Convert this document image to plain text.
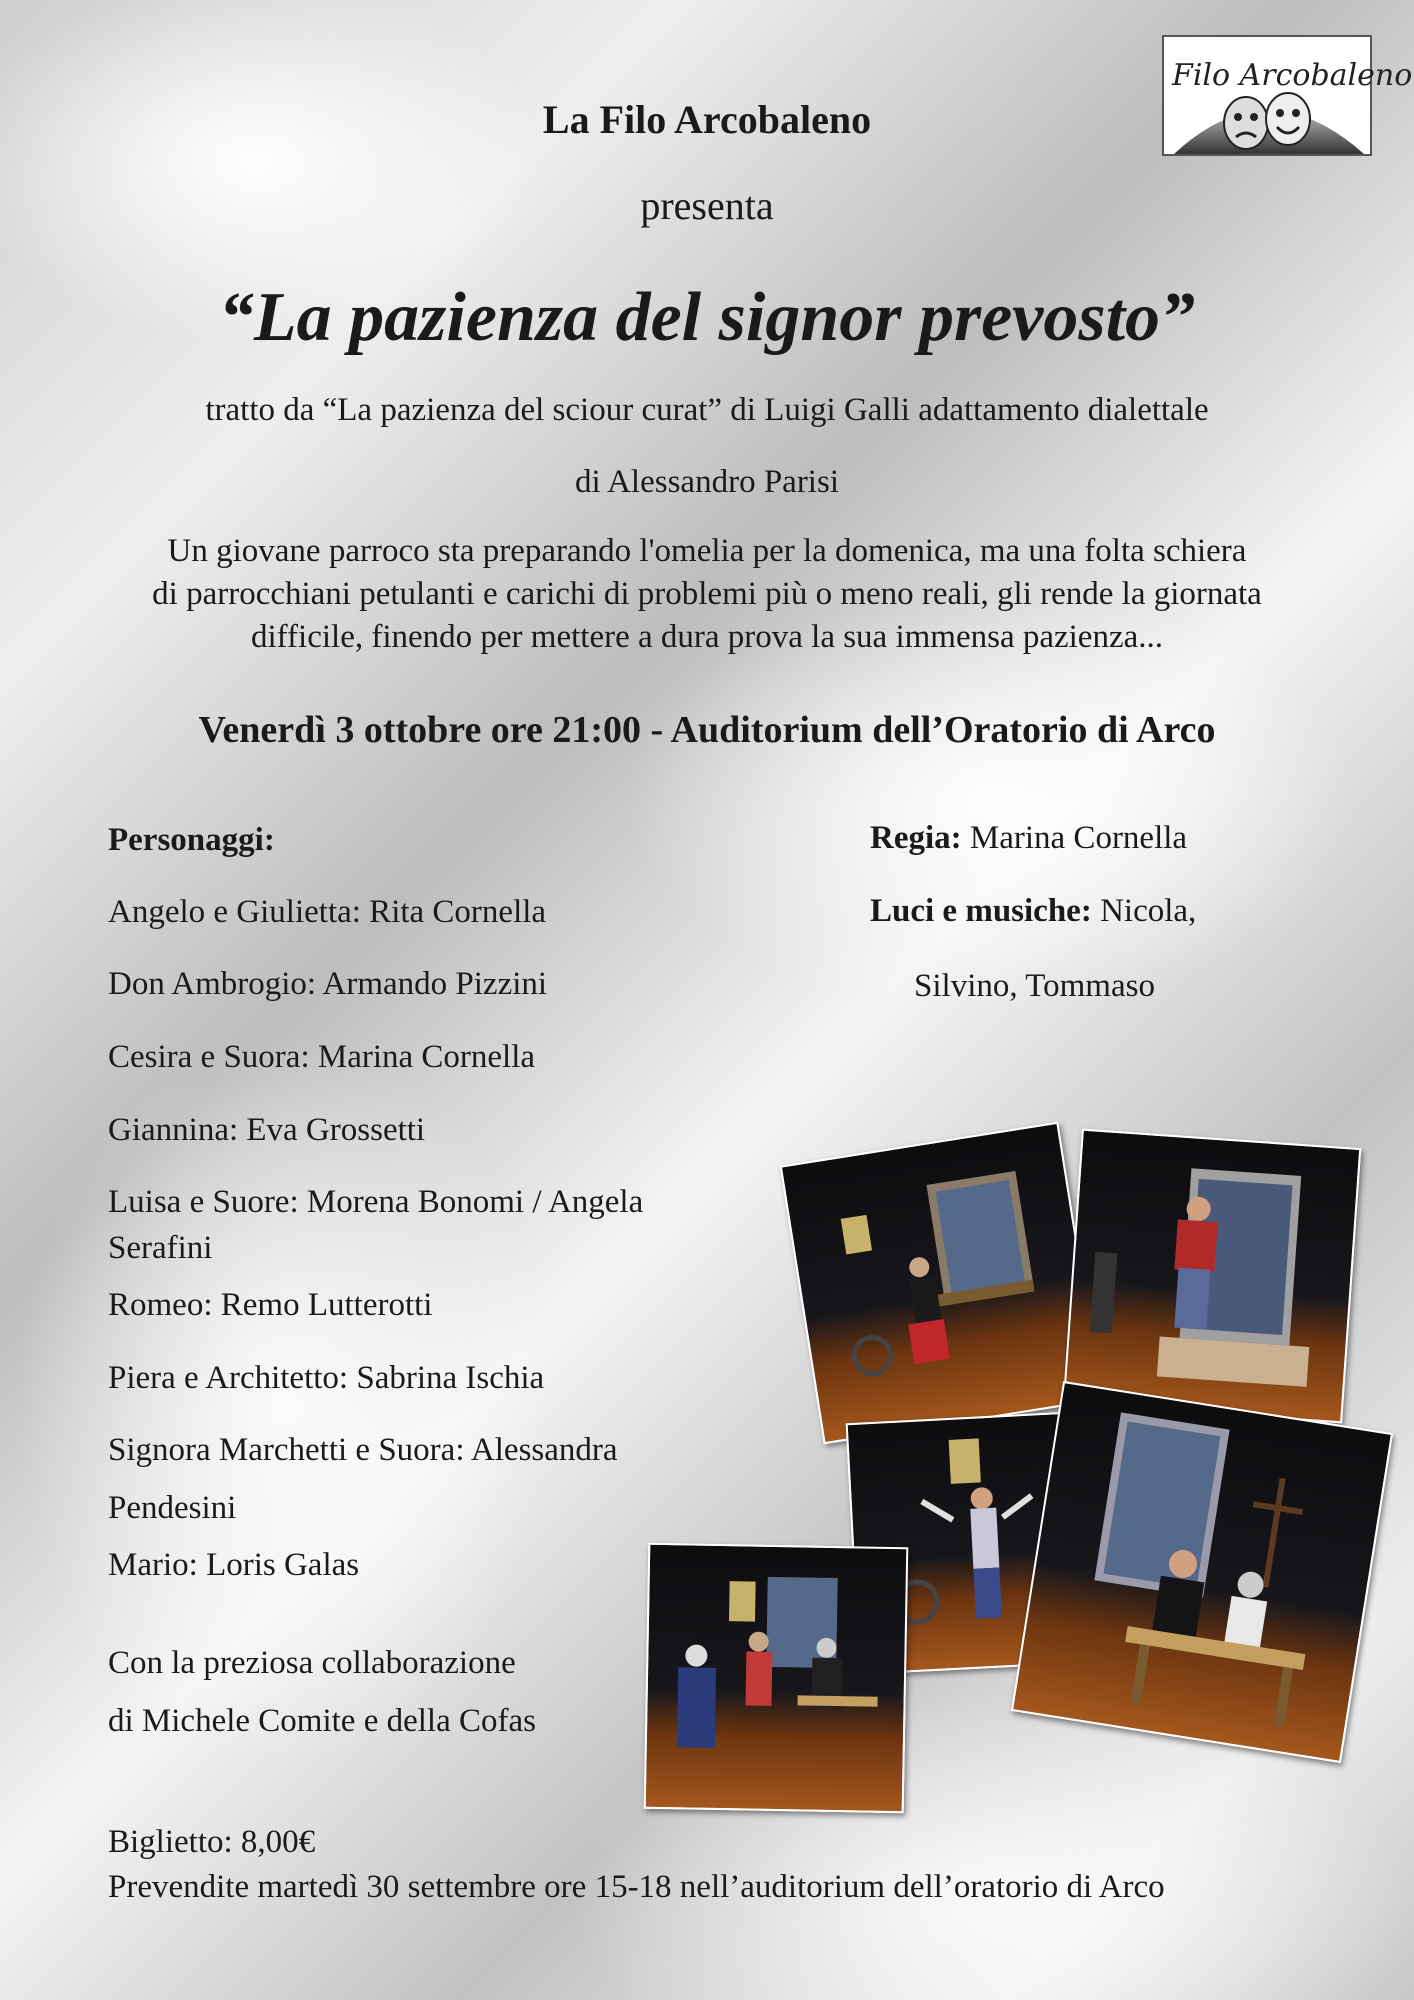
Filo Arcobaleno
La Filo Arcobaleno
presenta
“La pazienza del signor prevosto”
tratto da “La pazienza del sciour curat” di Luigi Galli adattamento dialettale
di Alessandro Parisi
Un giovane parroco sta preparando l'omelia per la domenica, ma una folta schiera
di parrocchiani petulanti e carichi di problemi più o meno reali, gli rende la giornata
difficile, finendo per mettere a dura prova la sua immensa pazienza...
Venerdì 3 ottobre ore 21:00 - Auditorium dell’Oratorio di Arco
Personaggi:
Angelo e Giulietta: Rita Cornella
Don Ambrogio: Armando Pizzini
Cesira e Suora: Marina Cornella
Giannina: Eva Grossetti
Luisa e Suore: Morena Bonomi / Angela
Serafini
Romeo: Remo Lutterotti
Piera e Architetto: Sabrina Ischia
Signora Marchetti e Suora: Alessandra
Pendesini
Mario: Loris Galas
Regia: Marina Cornella
Luci e musiche: Nicola,
Silvino, Tommaso
Con la preziosa collaborazione
di Michele Comite e della Cofas
Biglietto: 8,00€
Prevendite martedì 30 settembre ore 15-18 nell’auditorium dell’oratorio di Arco
